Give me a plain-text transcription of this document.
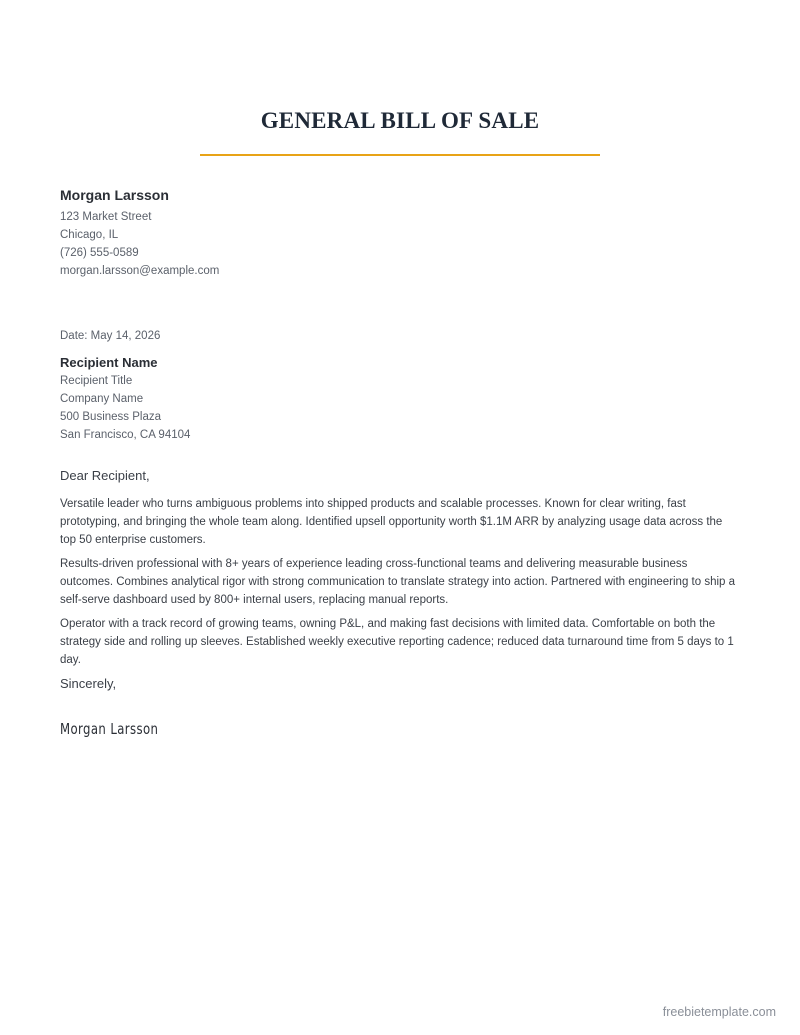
GENERAL BILL OF SALE
Morgan Larsson
123 Market Street
Chicago, IL
(726) 555-0589
morgan.larsson@example.com
Date: May 14, 2026
Recipient Name
Recipient Title
Company Name
500 Business Plaza
San Francisco, CA 94104
Dear Recipient,

Versatile leader who turns ambiguous problems into shipped products and scalable processes. Known for clear writing, fast prototyping, and bringing the whole team along. Identified upsell opportunity worth $1.1M ARR by analyzing usage data across the top 50 enterprise customers.

Results-driven professional with 8+ years of experience leading cross-functional teams and delivering measurable business outcomes. Combines analytical rigor with strong communication to translate strategy into action. Partnered with engineering to ship a self-serve dashboard used by 800+ internal users, replacing manual reports.

Operator with a track record of growing teams, owning P&L, and making fast decisions with limited data. Comfortable on both the strategy side and rolling up sleeves. Established weekly executive reporting cadence; reduced data turnaround time from 5 days to 1 day.

Sincerely,
Morgan Larsson
freebietemplate.com
